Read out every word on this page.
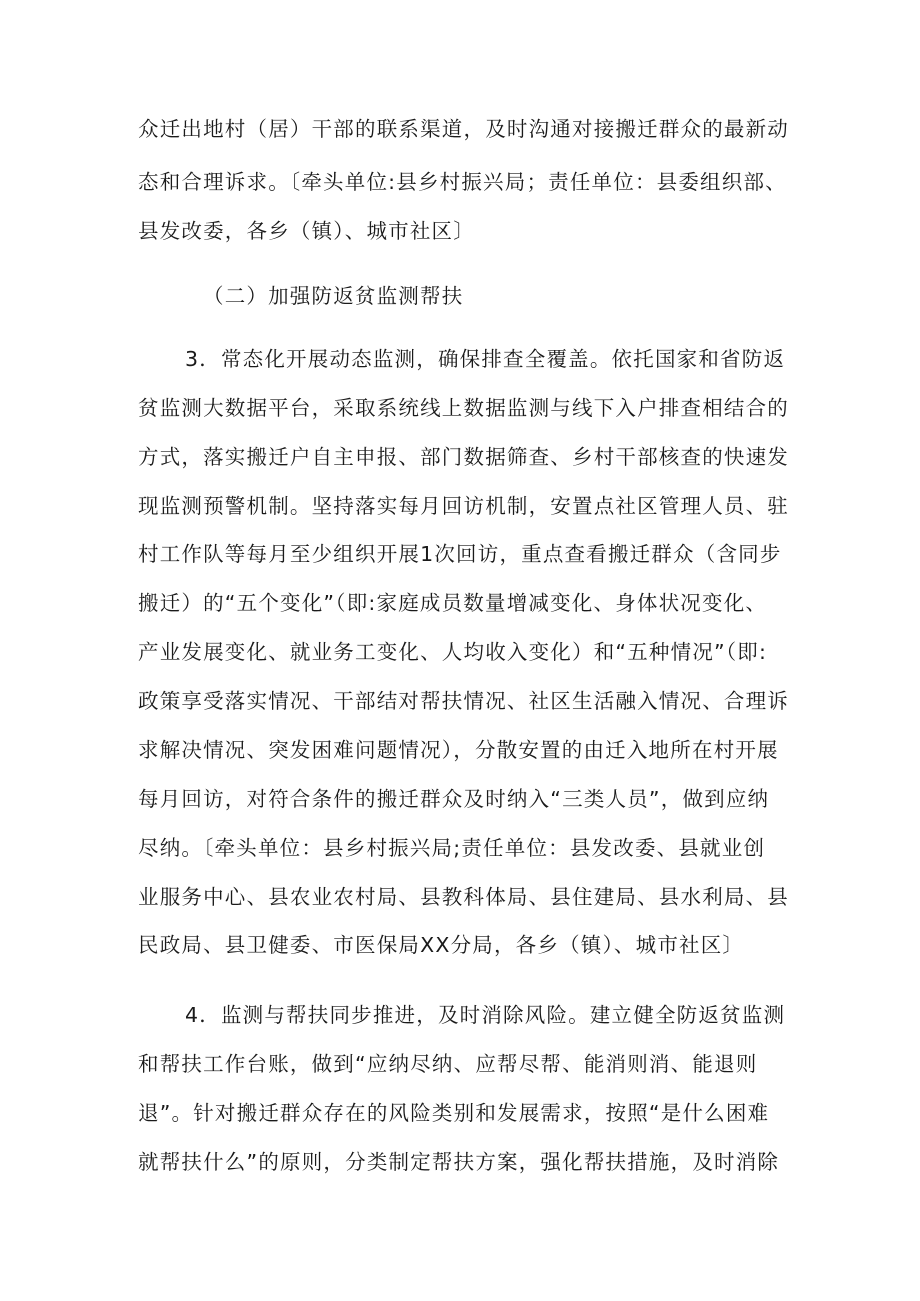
众迁出地村（居）干部的联系渠道，及时沟通对接搬迁群众的最新动
态和合理诉求。〔牵头单位:县乡村振兴局；责任单位：县委组织部、
县发改委，各乡（镇）、城市社区〕
（二）加强防返贫监测帮扶
3．常态化开展动态监测，确保排查全覆盖。依托国家和省防返
贫监测大数据平台，采取系统线上数据监测与线下入户排查相结合的
方式，落实搬迁户自主申报、部门数据筛查、乡村干部核查的快速发
现监测预警机制。坚持落实每月回访机制，安置点社区管理人员、驻
村工作队等每月至少组织开展1次回访，重点查看搬迁群众（含同步
搬迁）的“五个变化”（即:家庭成员数量增减变化、身体状况变化、
产业发展变化、就业务工变化、人均收入变化）和“五种情况”（即:
政策享受落实情况、干部结对帮扶情况、社区生活融入情况、合理诉
求解决情况、突发困难问题情况），分散安置的由迁入地所在村开展
每月回访，对符合条件的搬迁群众及时纳入“三类人员”，做到应纳
尽纳。〔牵头单位：县乡村振兴局;责任单位：县发改委、县就业创
业服务中心、县农业农村局、县教科体局、县住建局、县水利局、县
民政局、县卫健委、市医保局XX分局，各乡（镇）、城市社区〕
4．监测与帮扶同步推进，及时消除风险。建立健全防返贫监测
和帮扶工作台账，做到“应纳尽纳、应帮尽帮、能消则消、能退则
退”。针对搬迁群众存在的风险类别和发展需求，按照“是什么困难
就帮扶什么”的原则，分类制定帮扶方案，强化帮扶措施，及时消除
